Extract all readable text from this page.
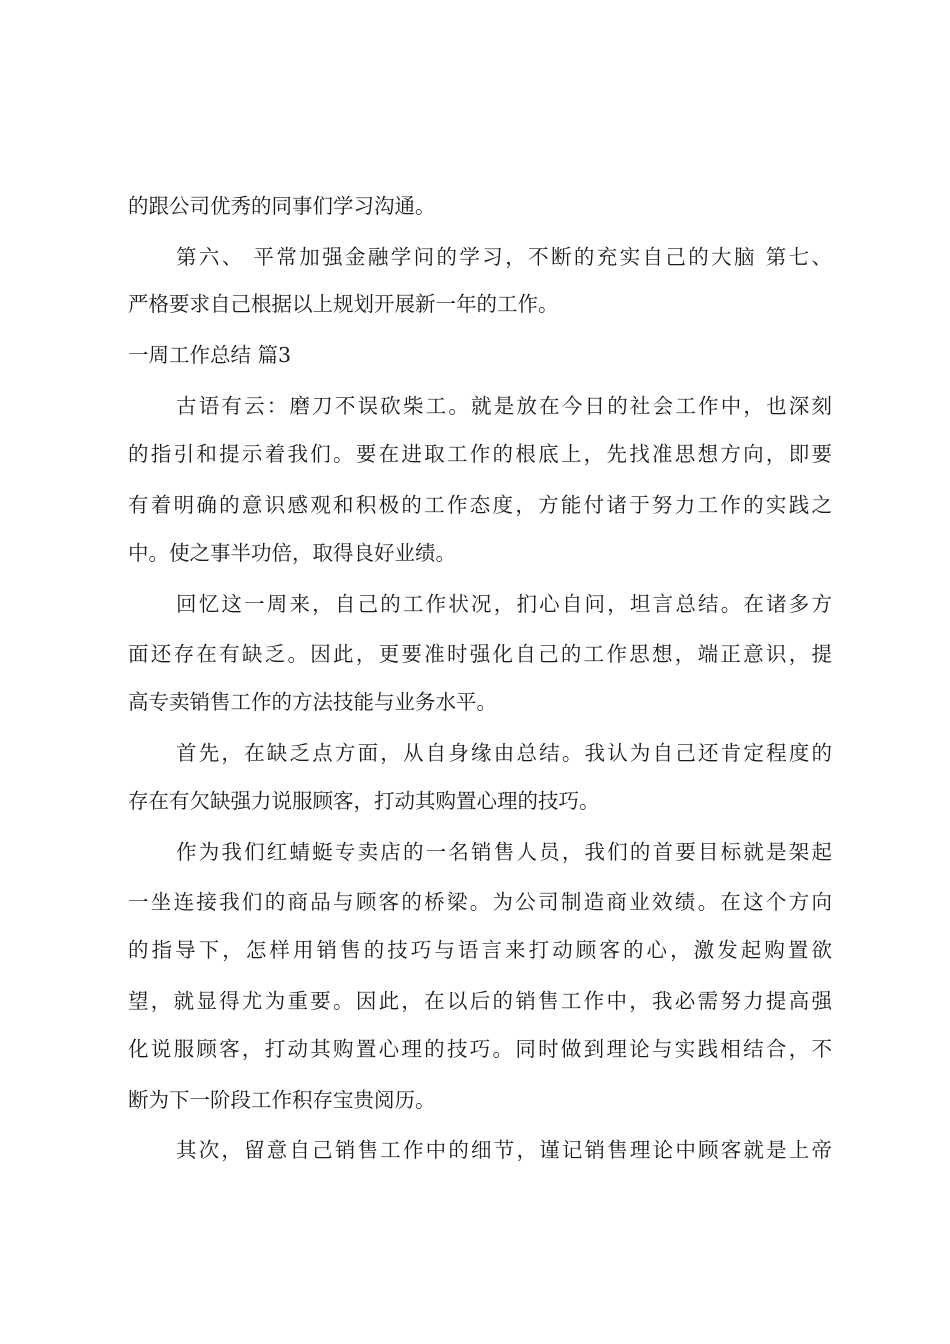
的跟公司优秀的同事们学习沟通。
第六、 平常加强金融学问的学习，不断的充实自己的大脑 第七、
严格要求自己根据以上规划开展新一年的工作。
一周工作总结 篇3
古语有云：磨刀不误砍柴工。就是放在今日的社会工作中，也深刻
的指引和提示着我们。要在进取工作的根底上，先找准思想方向，即要
有着明确的意识感观和积极的工作态度，方能付诸于努力工作的实践之
中。使之事半功倍，取得良好业绩。
回忆这一周来，自己的工作状况，扪心自问，坦言总结。在诸多方
面还存在有缺乏。因此，更要准时强化自己的工作思想，端正意识，提
高专卖销售工作的方法技能与业务水平。
首先，在缺乏点方面，从自身缘由总结。我认为自己还肯定程度的
存在有欠缺强力说服顾客，打动其购置心理的技巧。
作为我们红蜻蜓专卖店的一名销售人员，我们的首要目标就是架起
一坐连接我们的商品与顾客的桥梁。为公司制造商业效绩。在这个方向
的指导下，怎样用销售的技巧与语言来打动顾客的心，激发起购置欲
望，就显得尤为重要。因此，在以后的销售工作中，我必需努力提高强
化说服顾客，打动其购置心理的技巧。同时做到理论与实践相结合，不
断为下一阶段工作积存宝贵阅历。
其次，留意自己销售工作中的细节，谨记销售理论中顾客就是上帝
